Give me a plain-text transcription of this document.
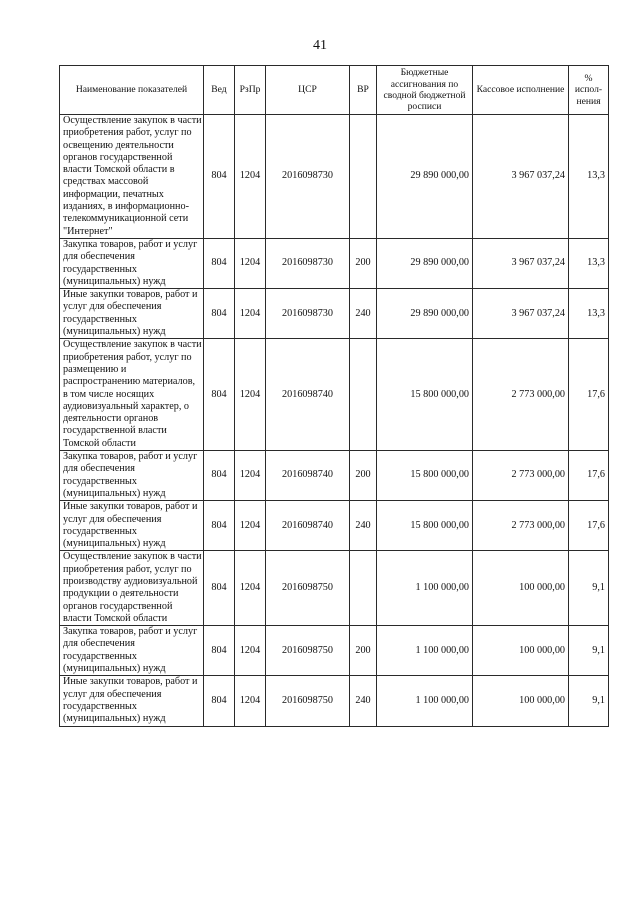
41
Наименование показателей	Вед	РзПр	ЦСР	ВР	Бюджетные ассигнования по сводной бюджетной росписи	Кассовое исполнение	% испол-нения
Осуществление закупок в части приобретения работ, услуг по освещению деятельности органов государственной власти Томской области в средствах массовой информации, печатных изданиях, в информационно-телекоммуникационной сети "Интернет"	804	1204	2016098730		29 890 000,00	3 967 037,24	13,3
Закупка товаров, работ и услуг для обеспечения государственных (муниципальных) нужд	804	1204	2016098730	200	29 890 000,00	3 967 037,24	13,3
Иные закупки товаров, работ и услуг для обеспечения государственных (муниципальных) нужд	804	1204	2016098730	240	29 890 000,00	3 967 037,24	13,3
Осуществление закупок в части приобретения работ, услуг по размещению и распространению материалов, в том числе носящих аудиовизуальный характер, о деятельности органов государственной власти Томской области	804	1204	2016098740		15 800 000,00	2 773 000,00	17,6
Закупка товаров, работ и услуг для обеспечения государственных (муниципальных) нужд	804	1204	2016098740	200	15 800 000,00	2 773 000,00	17,6
Иные закупки товаров, работ и услуг для обеспечения государственных (муниципальных) нужд	804	1204	2016098740	240	15 800 000,00	2 773 000,00	17,6
Осуществление закупок в части приобретения работ, услуг по производству аудиовизуальной продукции о деятельности органов государственной власти Томской области	804	1204	2016098750		1 100 000,00	100 000,00	9,1
Закупка товаров, работ и услуг для обеспечения государственных (муниципальных) нужд	804	1204	2016098750	200	1 100 000,00	100 000,00	9,1
Иные закупки товаров, работ и услуг для обеспечения государственных (муниципальных) нужд	804	1204	2016098750	240	1 100 000,00	100 000,00	9,1
